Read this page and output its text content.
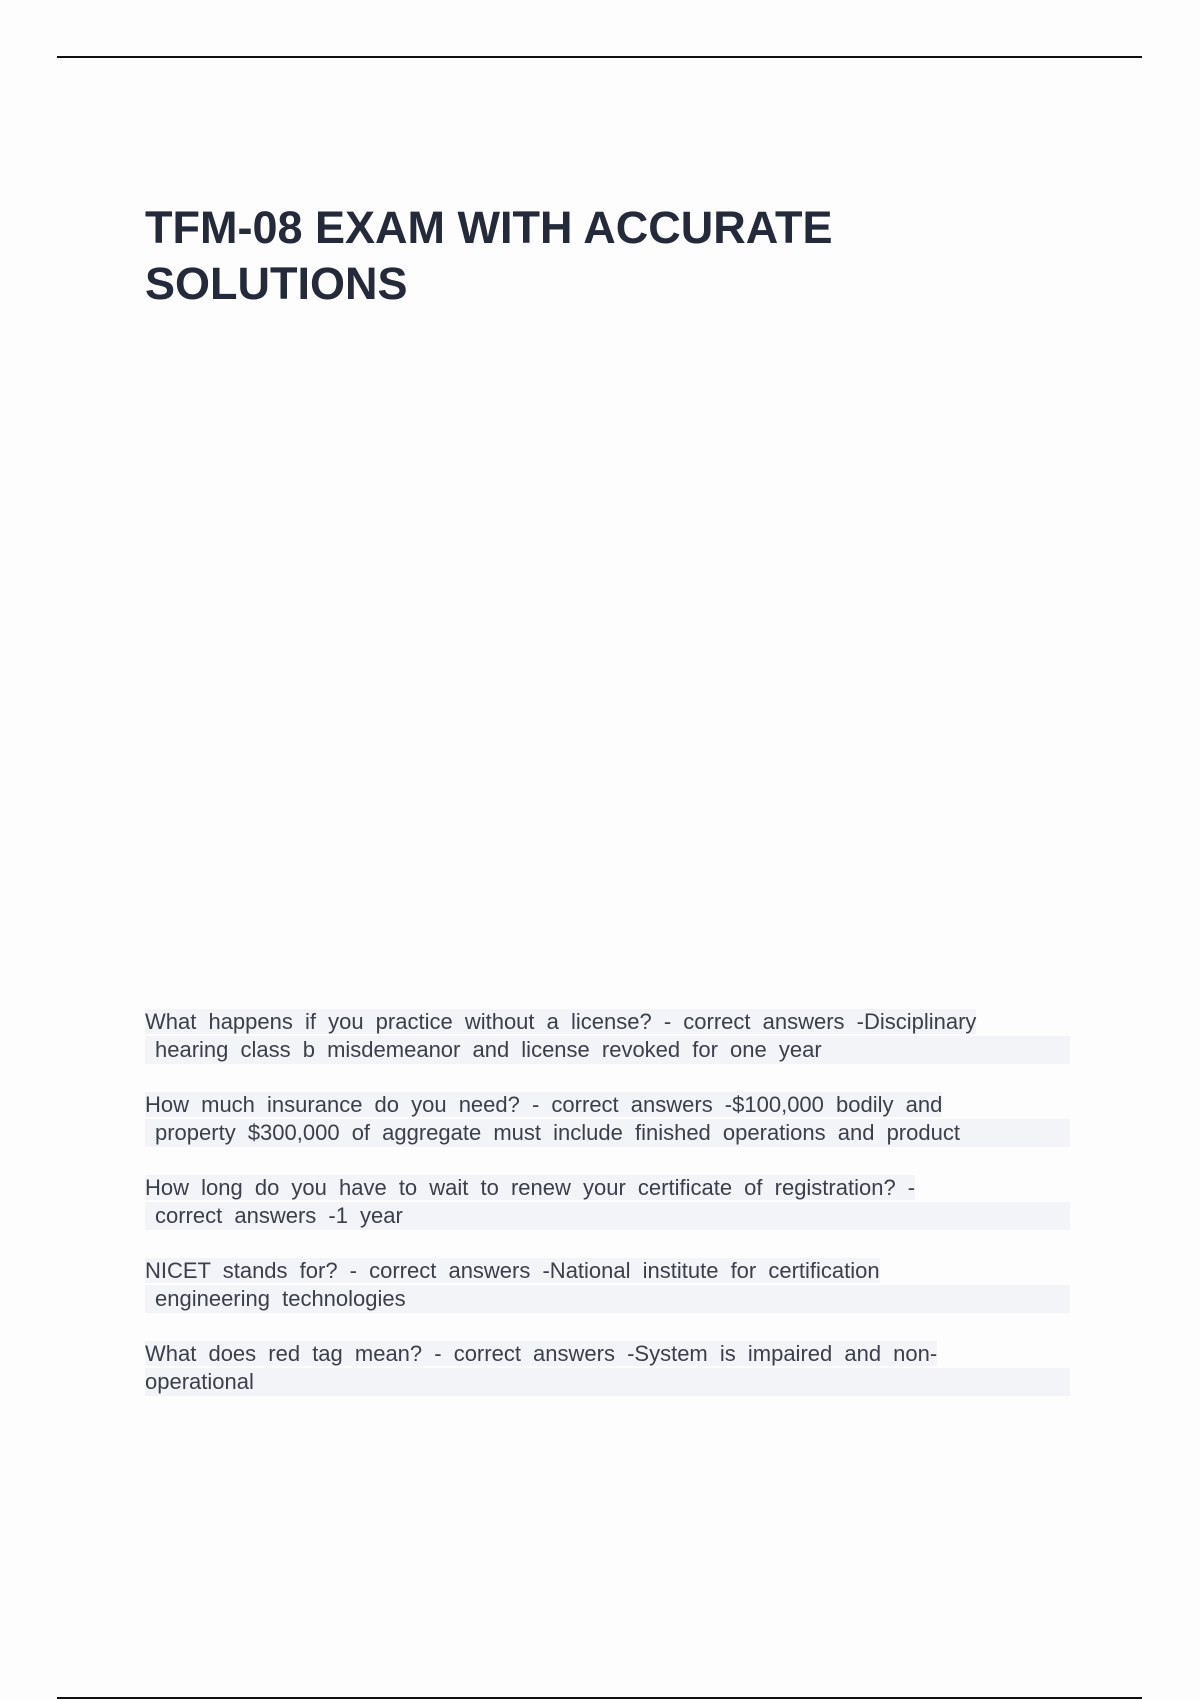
TFM-08 EXAM WITH ACCURATE SOLUTIONS

What happens if you practice without a license? - correct answers -Disciplinary
hearing class b misdemeanor and license revoked for one year

How much insurance do you need? - correct answers -$100,000 bodily and
property $300,000 of aggregate must include finished operations and product

How long do you have to wait to renew your certificate of registration? -
correct answers -1 year

NICET stands for? - correct answers -National institute for certification
engineering technologies

What does red tag mean? - correct answers -System is impaired and non-
operational
